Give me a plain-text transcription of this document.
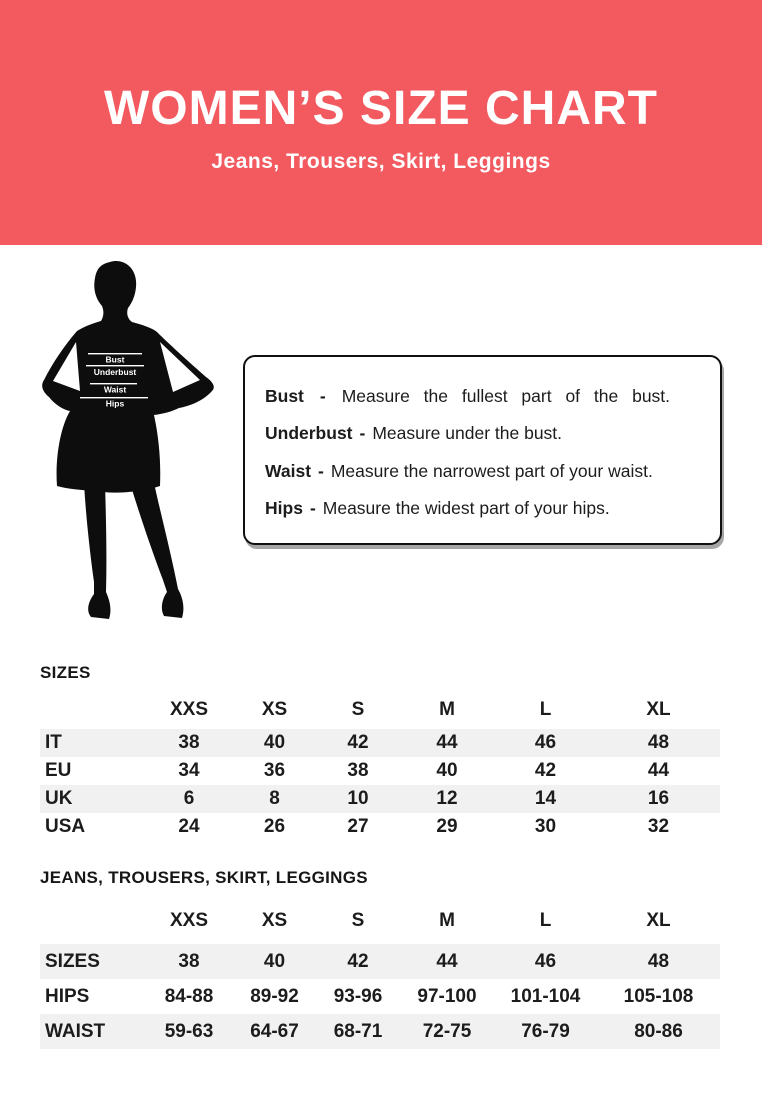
WOMEN’S SIZE CHART
Jeans, Trousers, Skirt, Leggings
Bust
Underbust
Waist
Hips	Bust - Measure the fullest part of the bust.
Underbust - Measure under the bust.
Waist - Measure the narrowest part of your waist.
Hips - Measure the widest part of your hips.
SIZES
	XXS	XS	S	M	L	XL
IT	38	40	42	44	46	48
EU	34	36	38	40	42	44
UK	6	8	10	12	14	16
USA	24	26	27	29	30	32
JEANS, TROUSERS, SKIRT, LEGGINGS
	XXS	XS	S	M	L	XL
SIZES	38	40	42	44	46	48
HIPS	84-88	89-92	93-96	97-100	101-104	105-108
WAIST	59-63	64-67	68-71	72-75	76-79	80-86
